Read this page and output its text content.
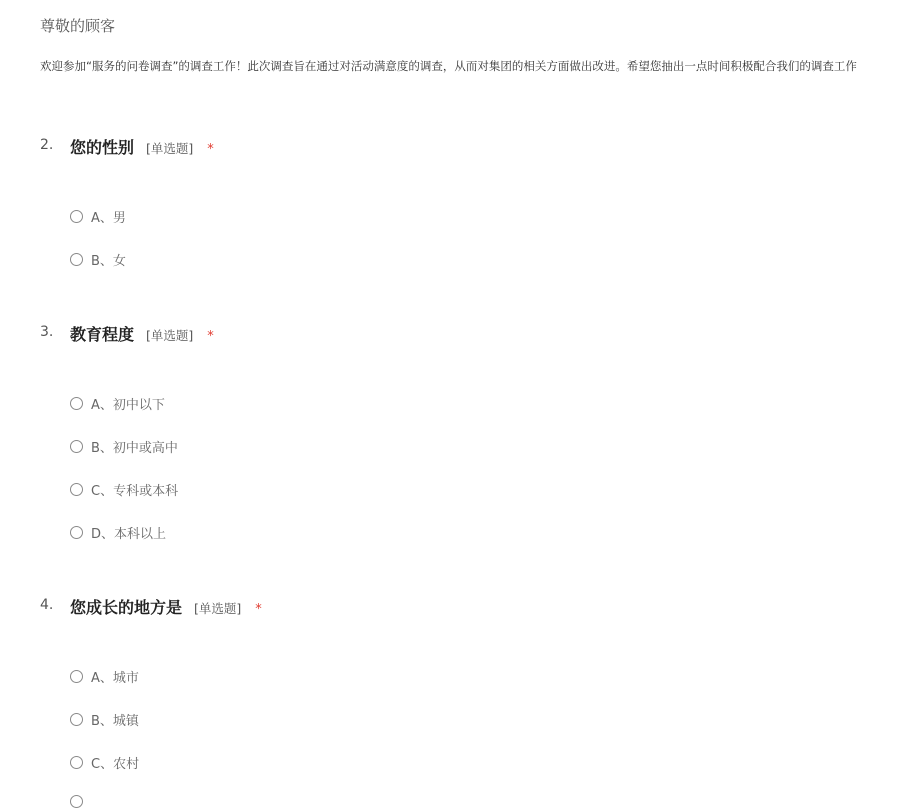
尊敬的顾客
欢迎参加“服务的问卷调查”的调查工作！此次调查旨在通过对活动满意度的调查，从而对集团的相关方面做出改进。希望您抽出一点时间积极配合我们的调查工作
2. 您的性别 [单选题] *
A、男
B、女
3. 教育程度 [单选题] *
A、初中以下
B、初中或高中
C、专科或本科
D、本科以上
4. 您成长的地方是 [单选题] *
A、城市
B、城镇
C、农村
